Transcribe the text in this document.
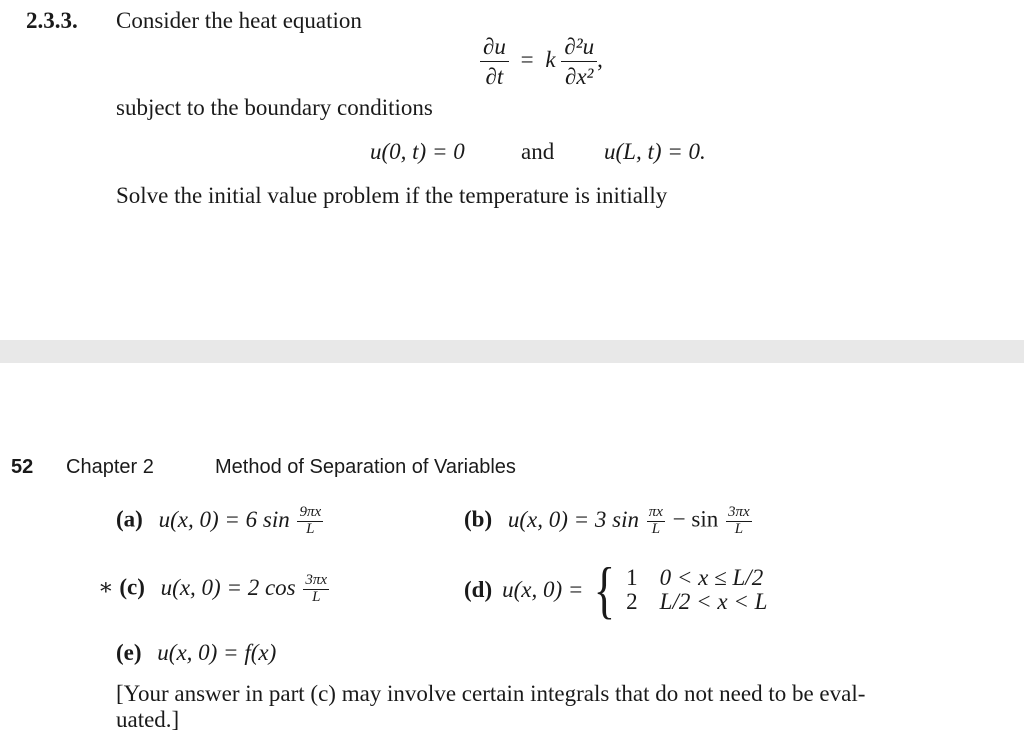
2.3.3. Consider the heat equation
$\frac{\partial u}{\partial t} = k \frac{\text{∂²u}}{\text{∂x²}}$ ,
subject to the boundary conditions
u(0, t) = 0 and u(L, t) = 0.
Solve the initial value problem if the temperature is initially
52 Chapter 2	Method of Separation of Variables
(a) u(x, 0) = 6 $\sin \frac{9\pi x}{L}$	(b) u(x, 0) = 3 $\sin \frac{\pi x}{L} - \sin \frac{3\pi x}{L}$
∗ (c) u(x, 0) = 2 $\cos \frac{3\pi x}{L}$	(d) u(x, 0) = { 1 0 < x ≤ L/2
2 L/2 < x < L
(e) u(x, 0) = f(x)
[Your answer in part (c) may involve certain integrals that do not need to be eval-
uated.]
